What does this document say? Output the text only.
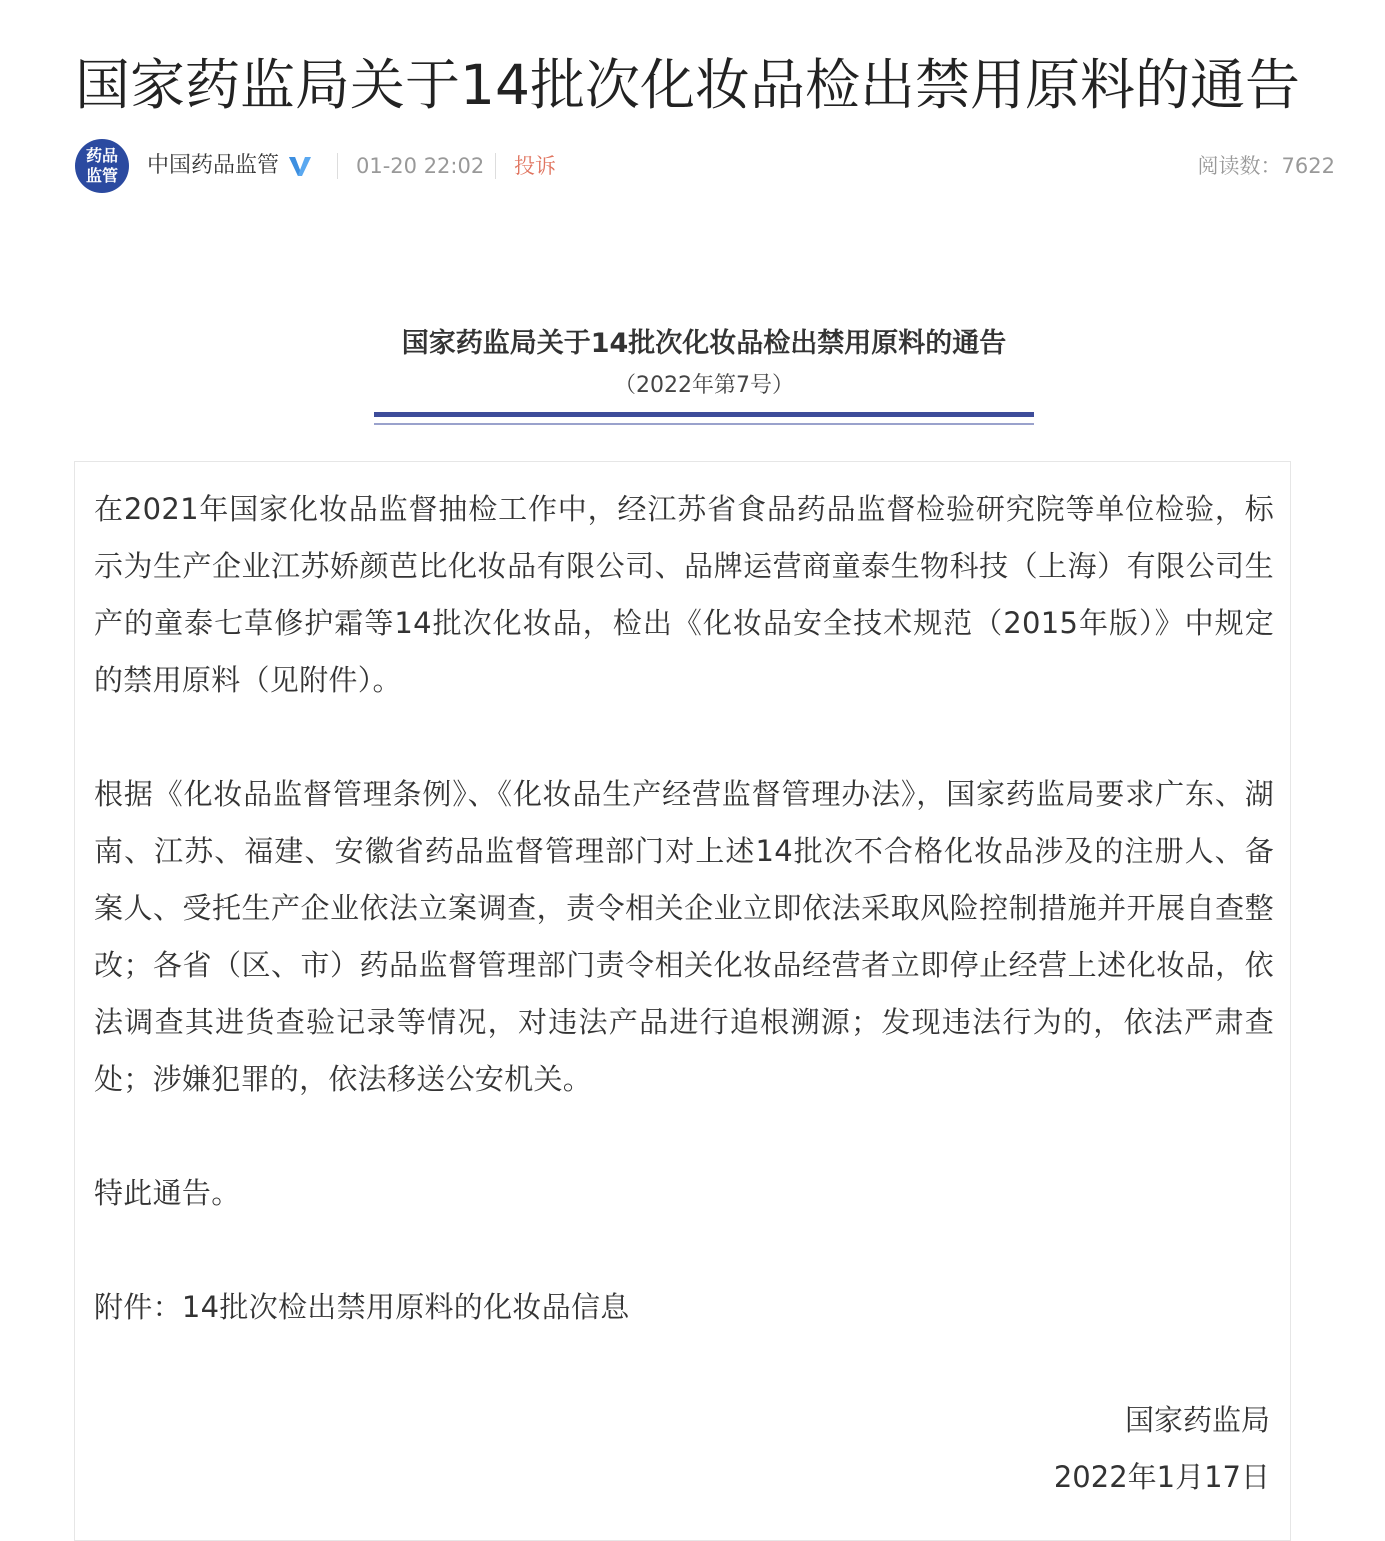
国家药监局关于14批次化妆品检出禁用原料的通告
药品
监管 中国药品监管	01-20 22:02 投诉	阅读数：7622
国家药监局关于14批次化妆品检出禁用原料的通告
（2022年第7号）

在2021年国家化妆品监督抽检工作中，经江苏省食品药品监督检验研究院等单位检验，标示为生产企业江苏娇颜芭比化妆品有限公司、品牌运营商童泰生物科技（上海）有限公司生产的童泰七草修护霜等14批次化妆品，检出《化妆品安全技术规范（2015年版）》中规定的禁用原料（见附件）。

根据《化妆品监督管理条例》、《化妆品生产经营监督管理办法》，国家药监局要求广东、湖南、江苏、福建、安徽省药品监督管理部门对上述14批次不合格化妆品涉及的注册人、备案人、受托生产企业依法立案调查，责令相关企业立即依法采取风险控制措施并开展自查整改；各省（区、市）药品监督管理部门责令相关化妆品经营者立即停止经营上述化妆品，依法调查其进货查验记录等情况，对违法产品进行追根溯源；发现违法行为的，依法严肃查处；涉嫌犯罪的，依法移送公安机关。

特此通告。

附件：14批次检出禁用原料的化妆品信息

国家药监局
2022年1月17日
